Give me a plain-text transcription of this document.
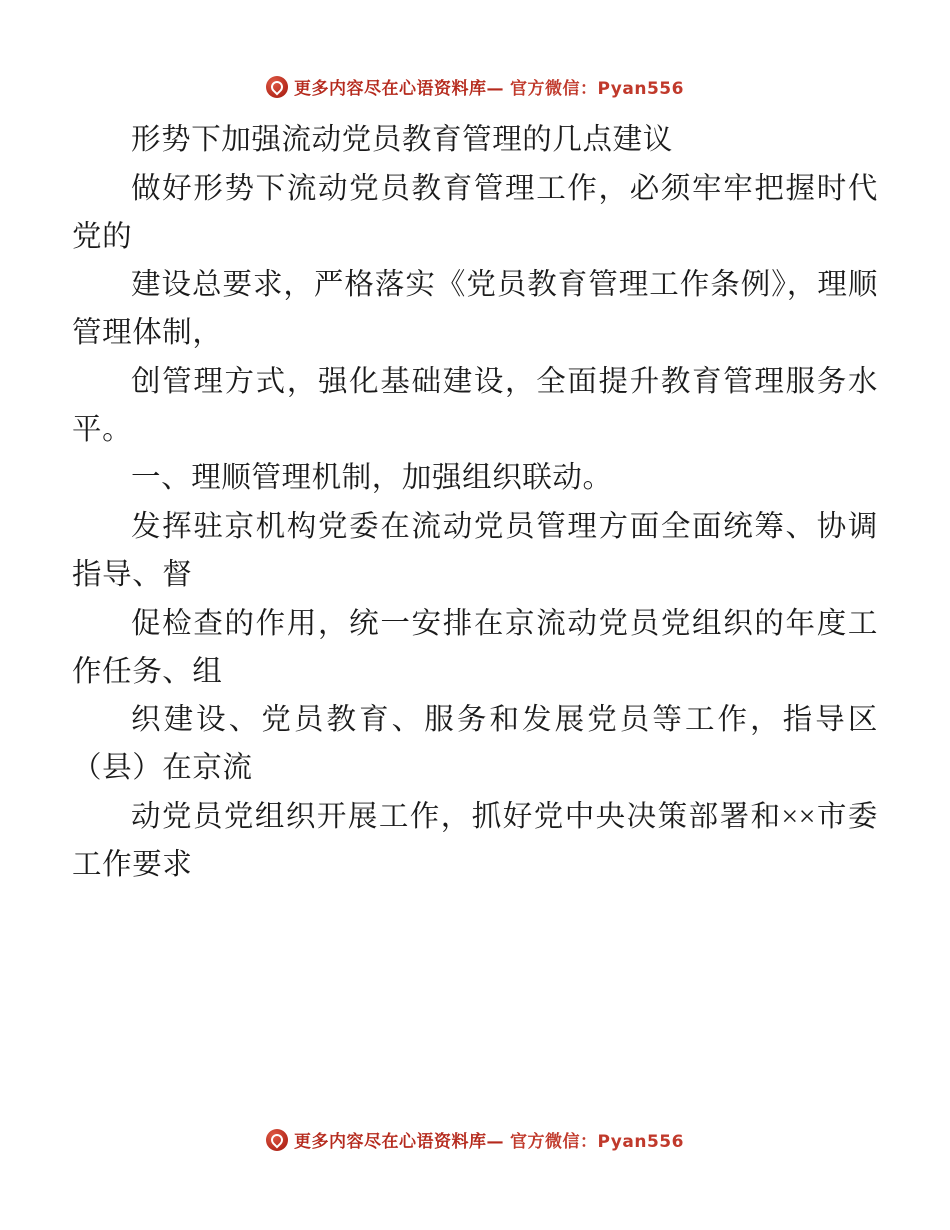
更多内容尽在心语资料库— 官方微信：Pyan556

形势下加强流动党员教育管理的几点建议

做好形势下流动党员教育管理工作，必须牢牢把握时代党的

建设总要求，严格落实《党员教育管理工作条例》，理顺管理体制，

创管理方式，强化基础建设，全面提升教育管理服务水平。

一、理顺管理机制，加强组织联动。

发挥驻京机构党委在流动党员管理方面全面统筹、协调指导、督

促检查的作用，统一安排在京流动党员党组织的年度工作任务、组

织建设、党员教育、服务和发展党员等工作，指导区（县）在京流

动党员党组织开展工作，抓好党中央决策部署和××市委工作要求

更多内容尽在心语资料库— 官方微信：Pyan556
